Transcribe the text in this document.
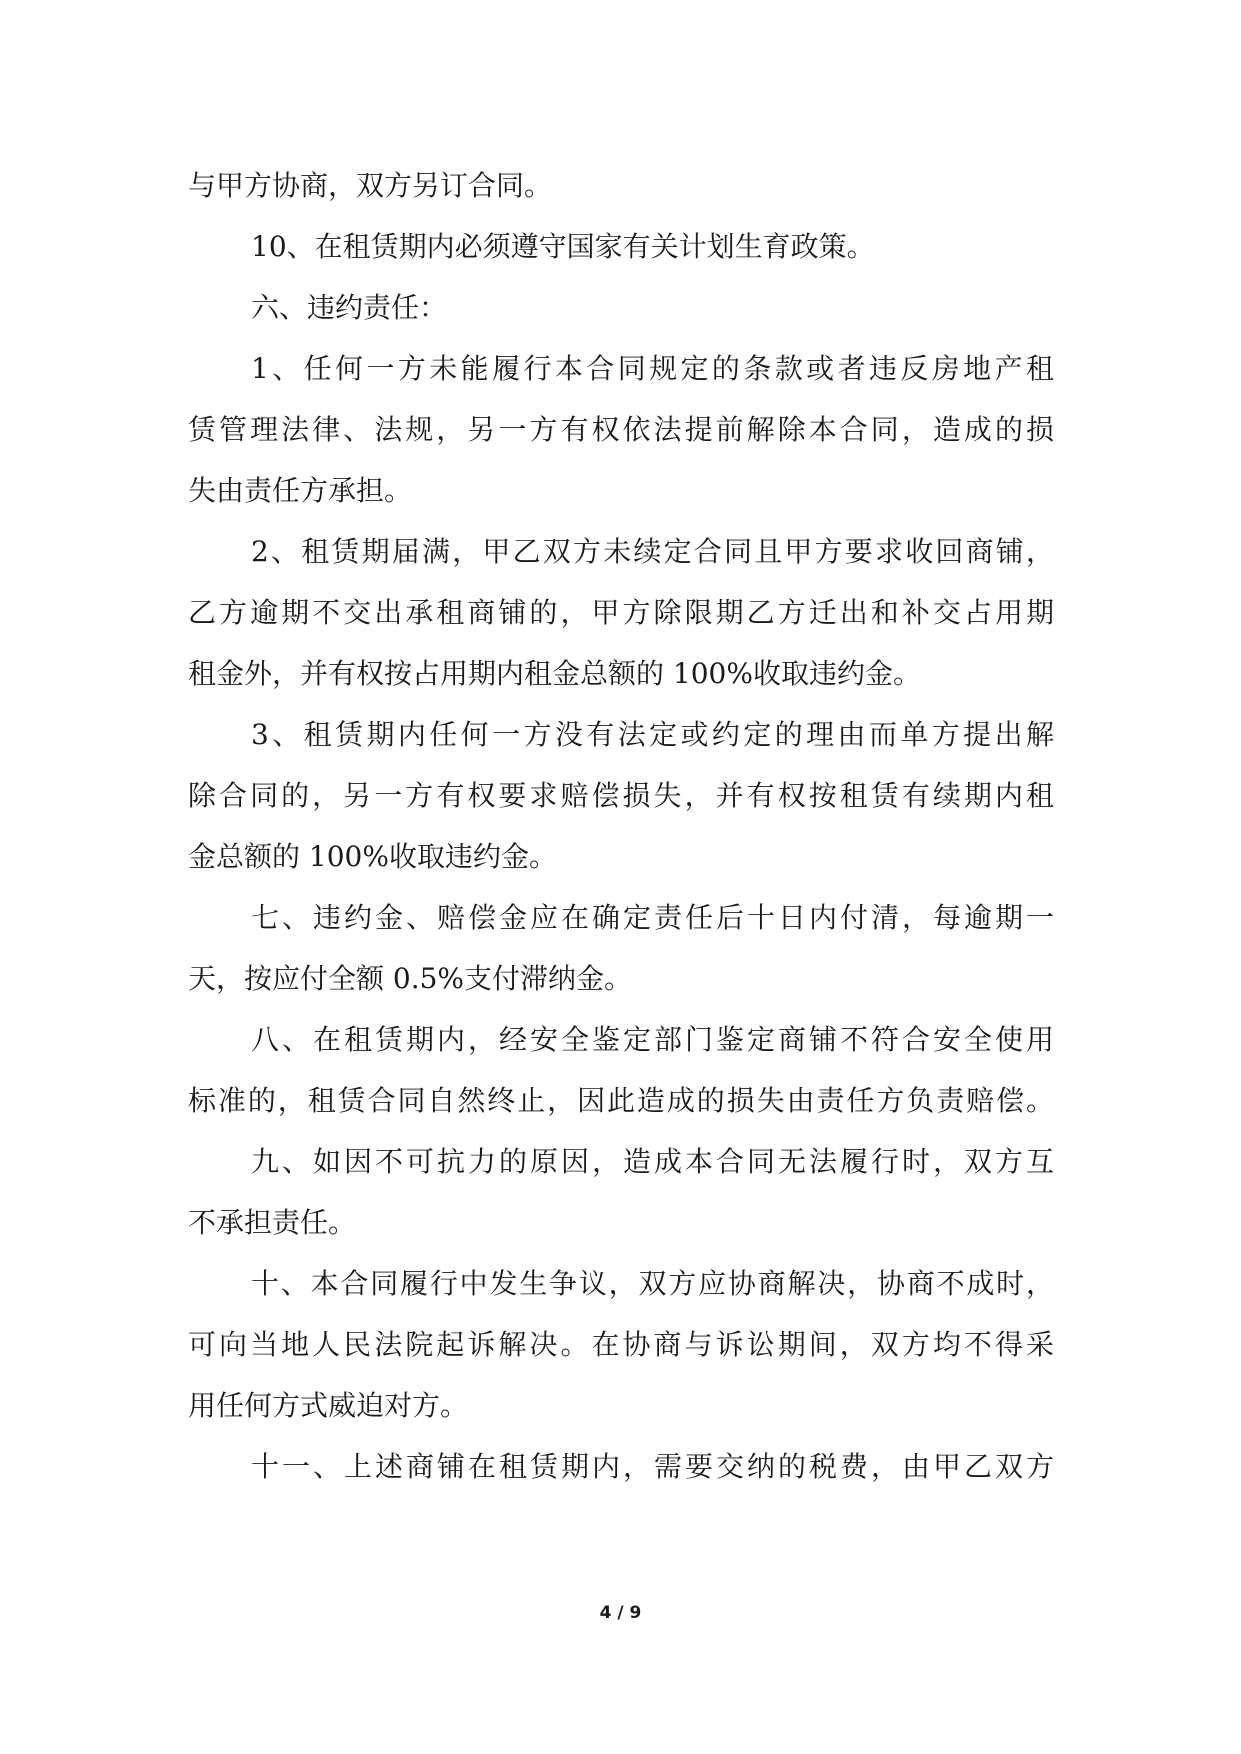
与甲方协商，双方另订合同。
10、在租赁期内必须遵守国家有关计划生育政策。
六、违约责任：
1、任何一方未能履行本合同规定的条款或者违反房地产租
赁管理法律、法规，另一方有权依法提前解除本合同，造成的损
失由责任方承担。
2、租赁期届满，甲乙双方未续定合同且甲方要求收回商铺，
乙方逾期不交出承租商铺的，甲方除限期乙方迁出和补交占用期
租金外，并有权按占用期内租金总额的 100%收取违约金。
3、租赁期内任何一方没有法定或约定的理由而单方提出解
除合同的，另一方有权要求赔偿损失，并有权按租赁有续期内租
金总额的 100%收取违约金。
七、违约金、赔偿金应在确定责任后十日内付清，每逾期一
天，按应付全额 0.5%支付滞纳金。
八、在租赁期内，经安全鉴定部门鉴定商铺不符合安全使用
标准的，租赁合同自然终止，因此造成的损失由责任方负责赔偿。
九、如因不可抗力的原因，造成本合同无法履行时，双方互
不承担责任。
十、本合同履行中发生争议，双方应协商解决，协商不成时，
可向当地人民法院起诉解决。在协商与诉讼期间，双方均不得采
用任何方式威迫对方。
十一、上述商铺在租赁期内，需要交纳的税费，由甲乙双方
4 / 9
